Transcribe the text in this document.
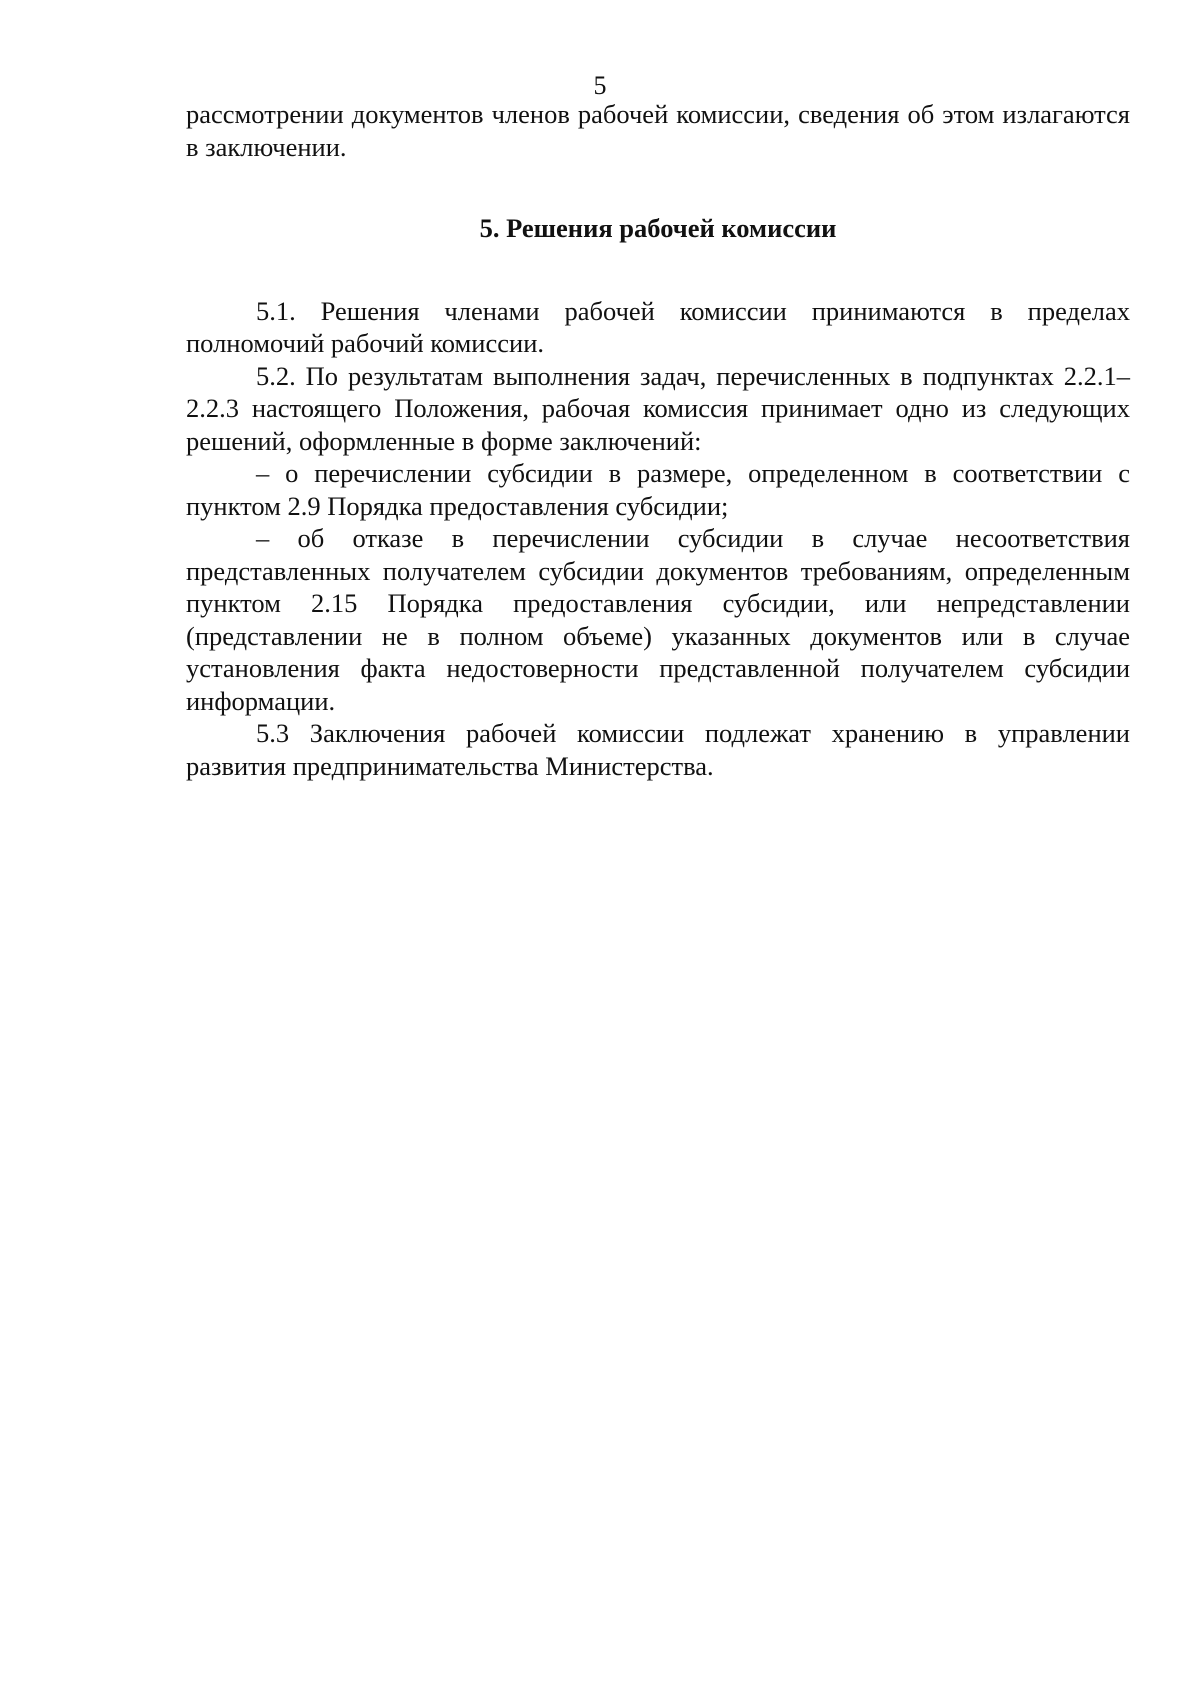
5

рассмотрении документов членов рабочей комиссии, сведения об этом излагаются в заключении.

5. Решения рабочей комиссии

5.1. Решения членами рабочей комиссии принимаются в пределах полномочий рабочий комиссии.

5.2. По результатам выполнения задач, перечисленных в подпунктах 2.2.1–2.2.3 настоящего Положения, рабочая комиссия принимает одно из следующих решений, оформленные в форме заключений:

– о перечислении субсидии в размере, определенном в соответствии с пунктом 2.9 Порядка предоставления субсидии;

– об отказе в перечислении субсидии в случае несоответствия представленных получателем субсидии документов требованиям, определенным пунктом 2.15 Порядка предоставления субсидии, или непредставлении (представлении не в полном объеме) указанных документов или в случае установления факта недостоверности представленной получателем субсидии информации.

5.3 Заключения рабочей комиссии подлежат хранению в управлении развития предпринимательства Министерства.
